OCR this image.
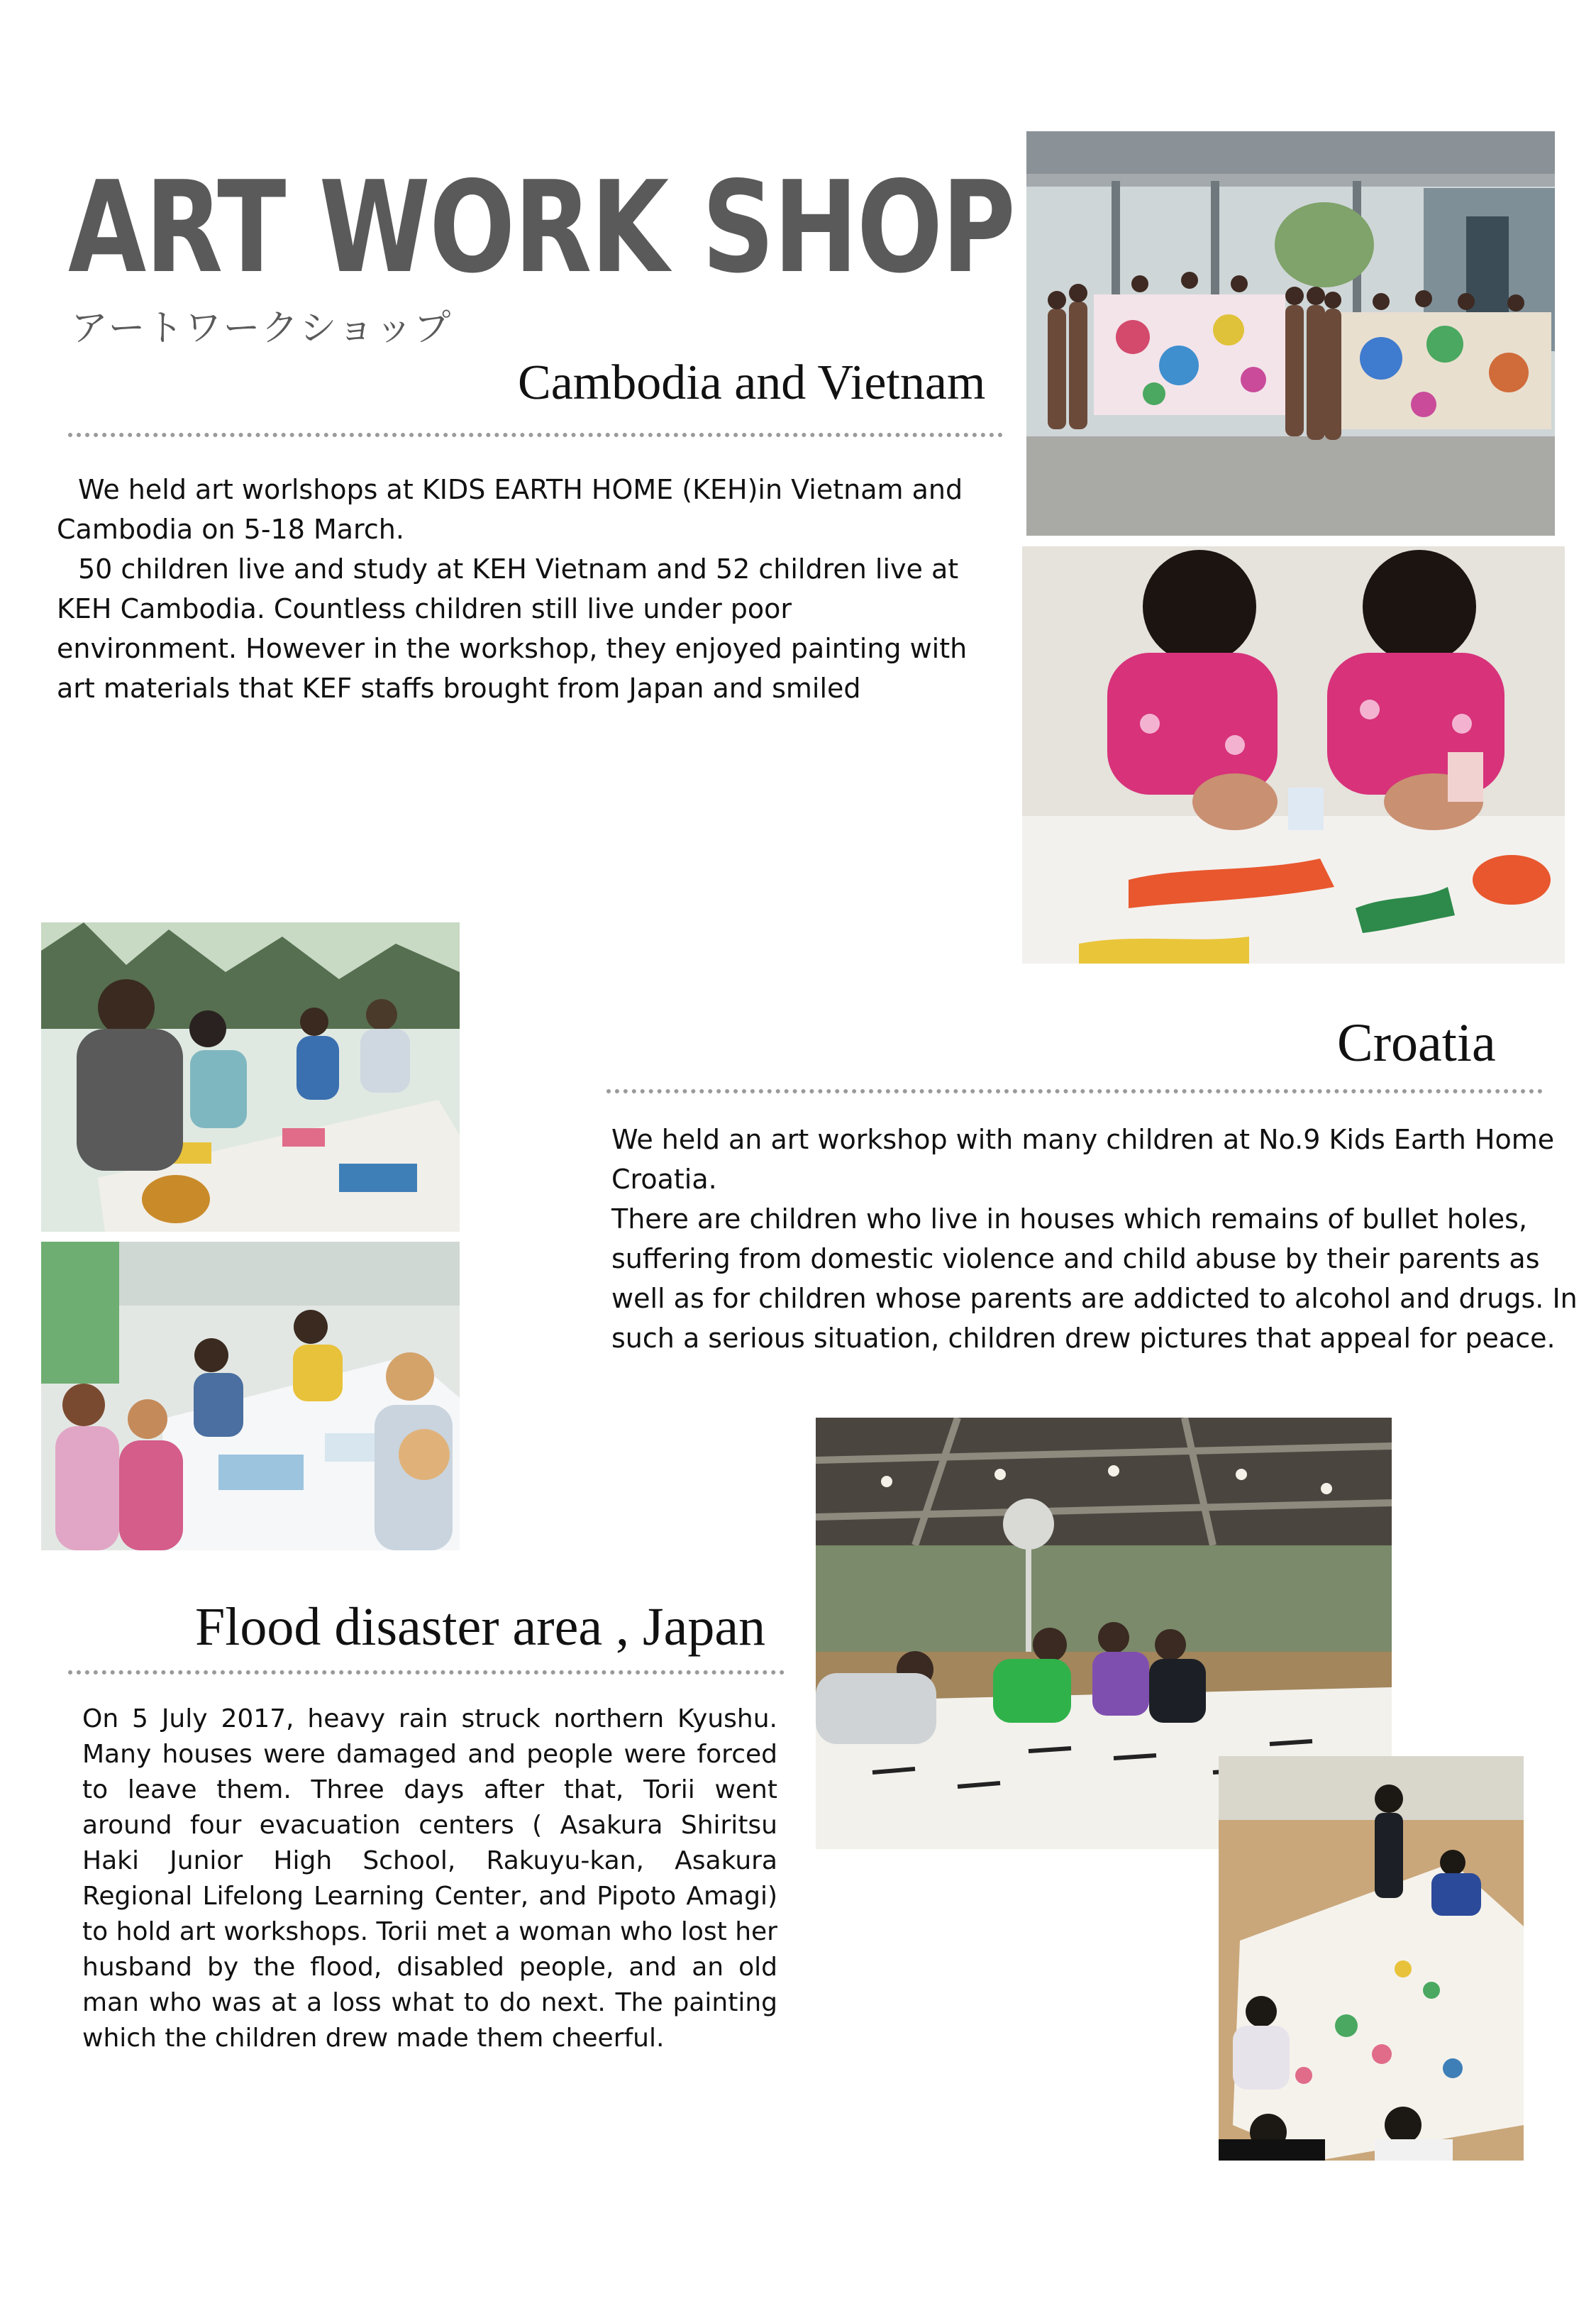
ART WORK SHOP
アートワークショップ
Cambodia and Vietnam

We held art worlshops at KIDS EARTH HOME (KEH)in Vietnam and Cambodia on 5-18 March.

50 children live and study at KEH Vietnam and 52 children live at KEH Cambodia. Countless children still live under poor environment. However in the workshop, they enjoyed painting with art materials that KEF staffs brought from Japan and smiled

Croatia

We held an art workshop with many children at No.9 Kids Earth Home Croatia.

There are children who live in houses which remains of bullet holes, suffering from domestic violence and child abuse by their parents as well as for children whose parents are addicted to alcohol and drugs. In such a serious situation, children drew pictures that appeal for peace.

Flood disaster area , Japan

On 5 July 2017, heavy rain struck northern Kyushu. Many houses were damaged and people were forced to leave them. Three days after that, Torii went around four evacuation centers ( Asakura Shiritsu Haki Junior High School, Rakuyu-kan, Asakura Regional Lifelong Learning Center, and Pipoto Amagi) to hold art workshops. Torii met a woman who lost her husband by the flood, disabled people, and an old man who was at a loss what to do next. The painting which the children drew made them cheerful.
